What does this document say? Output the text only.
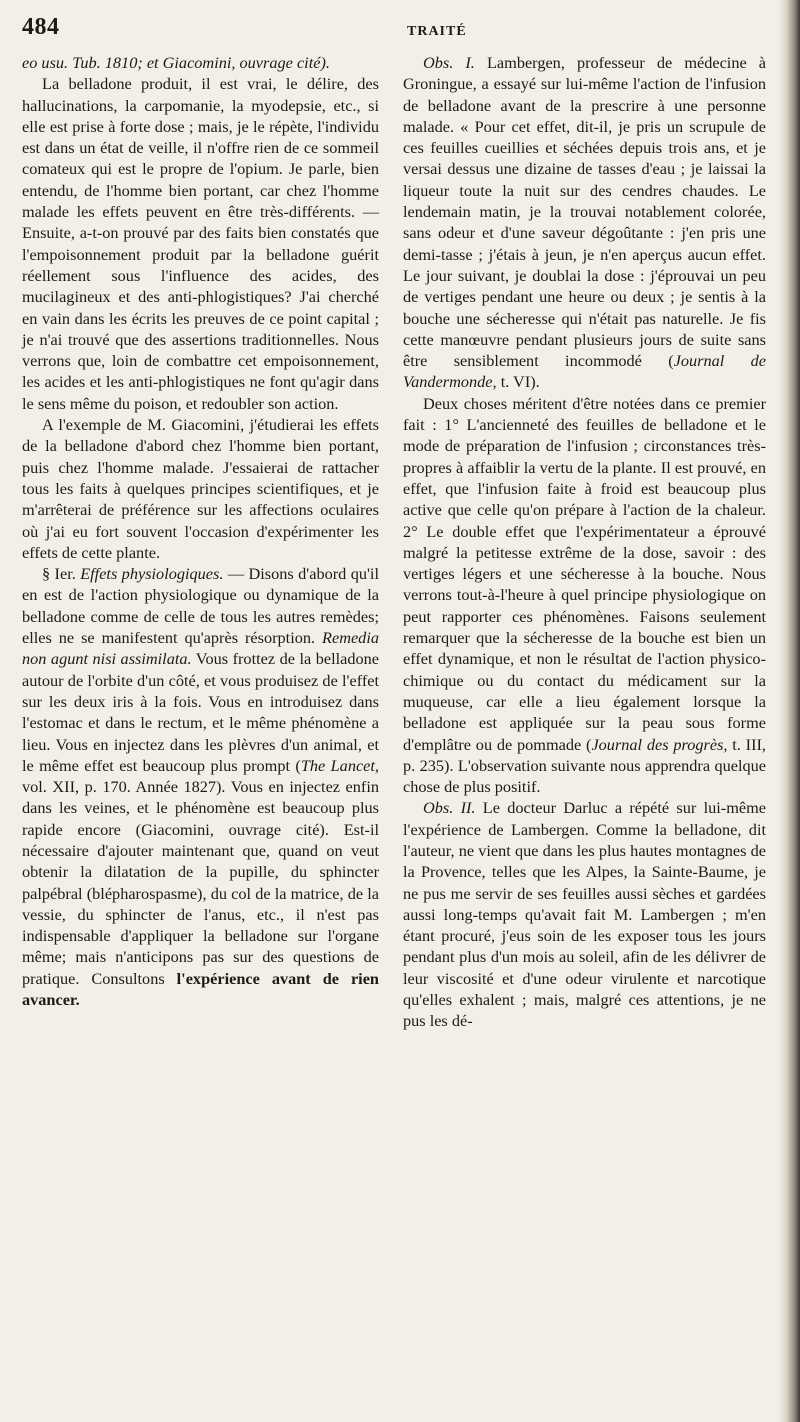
484	TRAITÉ

eo usu. Tub. 1810; et Giacomini, ouvrage cité).

La belladone produit, il est vrai, le délire, des hallucinations, la carpomanie, la myodepsie, etc., si elle est prise à forte dose ; mais, je le répète, l'individu est dans un état de veille, il n'offre rien de ce sommeil comateux qui est le propre de l'opium. Je parle, bien entendu, de l'homme bien portant, car chez l'homme malade les effets peuvent en être très-différents. — Ensuite, a-t-on prouvé par des faits bien constatés que l'empoisonnement produit par la belladone guérit réellement sous l'influence des acides, des mucilagineux et des anti-phlogistiques? J'ai cherché en vain dans les écrits les preuves de ce point capital ; je n'ai trouvé que des assertions traditionnelles. Nous verrons que, loin de combattre cet empoisonnement, les acides et les anti-phlogistiques ne font qu'agir dans le sens même du poison, et redoubler son action.

A l'exemple de M. Giacomini, j'étudierai les effets de la belladone d'abord chez l'homme bien portant, puis chez l'homme malade. J'essaierai de rattacher tous les faits à quelques principes scientifiques, et je m'arrêterai de préférence sur les affections oculaires où j'ai eu fort souvent l'occasion d'expérimenter les effets de cette plante.

§ Ier. Effets physiologiques. — Disons d'abord qu'il en est de l'action physiologique ou dynamique de la belladone comme de celle de tous les autres remèdes; elles ne se manifestent qu'après résorption. Remedia non agunt nisi assimilata. Vous frottez de la belladone autour de l'orbite d'un côté, et vous produisez de l'effet sur les deux iris à la fois. Vous en introduisez dans l'estomac et dans le rectum, et le même phénomène a lieu. Vous en injectez dans les plèvres d'un animal, et le même effet est beaucoup plus prompt (The Lancet, vol. XII, p. 170. Année 1827). Vous en injectez enfin dans les veines, et le phénomène est beaucoup plus rapide encore (Giacomini, ouvrage cité). Est-il nécessaire d'ajouter maintenant que, quand on veut obtenir la dilatation de la pupille, du sphincter palpébral (blépharospasme), du col de la matrice, de la vessie, du sphincter de l'anus, etc., il n'est pas indispensable d'appliquer la belladone sur l'organe même; mais n'anticipons pas sur des questions de pratique. Consultons l'expérience avant de rien avancer.

Obs. I. Lambergen, professeur de médecine à Groningue, a essayé sur lui-même l'action de l'infusion de belladone avant de la prescrire à une personne malade. « Pour cet effet, dit-il, je pris un scrupule de ces feuilles cueillies et séchées depuis trois ans, et je versai dessus une dizaine de tasses d'eau ; je laissai la liqueur toute la nuit sur des cendres chaudes. Le lendemain matin, je la trouvai notablement colorée, sans odeur et d'une saveur dégoûtante : j'en pris une demi-tasse ; j'étais à jeun, je n'en aperçus aucun effet. Le jour suivant, je doublai la dose : j'éprouvai un peu de vertiges pendant une heure ou deux ; je sentis à la bouche une sécheresse qui n'était pas naturelle. Je fis cette manœuvre pendant plusieurs jours de suite sans être sensiblement incommodé (Journal de Vandermonde, t. VI).

Deux choses méritent d'être notées dans ce premier fait : 1° L'ancienneté des feuilles de belladone et le mode de préparation de l'infusion ; circonstances très-propres à affaiblir la vertu de la plante. Il est prouvé, en effet, que l'infusion faite à froid est beaucoup plus active que celle qu'on prépare à l'action de la chaleur. 2° Le double effet que l'expérimentateur a éprouvé malgré la petitesse extrême de la dose, savoir : des vertiges légers et une sécheresse à la bouche. Nous verrons tout-à-l'heure à quel principe physiologique on peut rapporter ces phénomènes. Faisons seulement remarquer que la sécheresse de la bouche est bien un effet dynamique, et non le résultat de l'action physico-chimique ou du contact du médicament sur la muqueuse, car elle a lieu également lorsque la belladone est appliquée sur la peau sous forme d'emplâtre ou de pommade (Journal des progrès, t. III, p. 235). L'observation suivante nous apprendra quelque chose de plus positif.

Obs. II. Le docteur Darluc a répété sur lui-même l'expérience de Lambergen. Comme la belladone, dit l'auteur, ne vient que dans les plus hautes montagnes de la Provence, telles que les Alpes, la Sainte-Baume, je ne pus me servir de ses feuilles aussi sèches et gardées aussi long-temps qu'avait fait M. Lambergen ; m'en étant procuré, j'eus soin de les exposer tous les jours pendant plus d'un mois au soleil, afin de les délivrer de leur viscosité et d'une odeur virulente et narcotique qu'elles exhalent ; mais, malgré ces attentions, je ne pus les dé-
